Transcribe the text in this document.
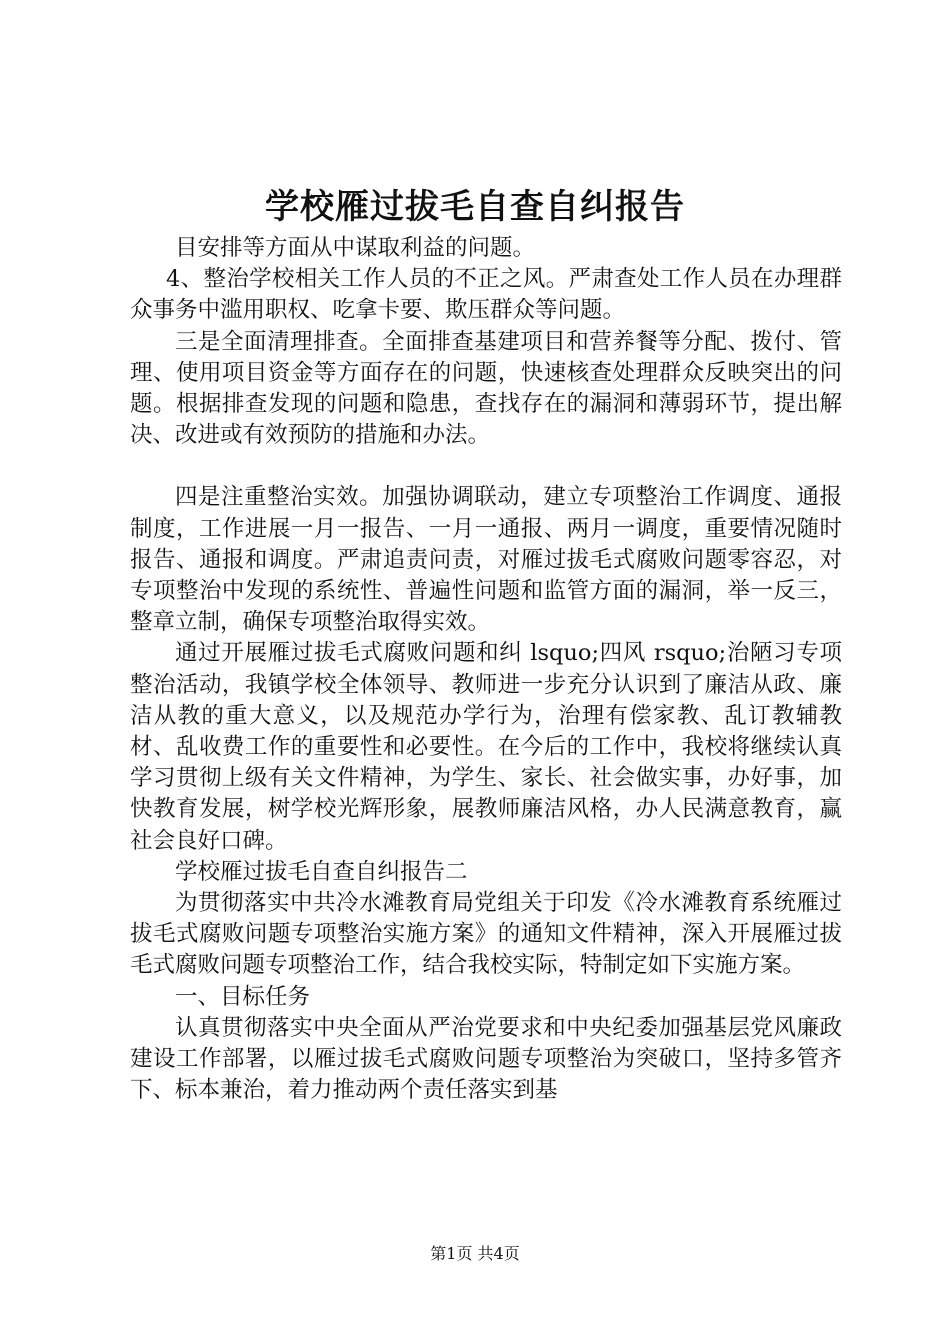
学校雁过拔毛自查自纠报告

目安排等方面从中谋取利益的问题。

4、整治学校相关工作人员的不正之风。严肃查处工作人员在办理群众事务中滥用职权、吃拿卡要、欺压群众等问题。

三是全面清理排查。全面排查基建项目和营养餐等分配、拨付、管理、使用项目资金等方面存在的问题，快速核查处理群众反映突出的问题。根据排查发现的问题和隐患，查找存在的漏洞和薄弱环节，提出解决、改进或有效预防的措施和办法。

四是注重整治实效。加强协调联动，建立专项整治工作调度、通报制度，工作进展一月一报告、一月一通报、两月一调度，重要情况随时报告、通报和调度。严肃追责问责，对雁过拔毛式腐败问题零容忍，对专项整治中发现的系统性、普遍性问题和监管方面的漏洞，举一反三，整章立制，确保专项整治取得实效。

通过开展雁过拔毛式腐败问题和纠 lsquo;四风 rsquo;治陋习专项整治活动，我镇学校全体领导、教师进一步充分认识到了廉洁从政、廉洁从教的重大意义，以及规范办学行为，治理有偿家教、乱订教辅教材、乱收费工作的重要性和必要性。在今后的工作中，我校将继续认真学习贯彻上级有关文件精神，为学生、家长、社会做实事，办好事，加快教育发展，树学校光辉形象，展教师廉洁风格，办人民满意教育，赢社会良好口碑。

学校雁过拔毛自查自纠报告二

为贯彻落实中共冷水滩教育局党组关于印发《冷水滩教育系统雁过拔毛式腐败问题专项整治实施方案》的通知文件精神，深入开展雁过拔毛式腐败问题专项整治工作，结合我校实际，特制定如下实施方案。

一、目标任务

认真贯彻落实中央全面从严治党要求和中央纪委加强基层党风廉政建设工作部署，以雁过拔毛式腐败问题专项整治为突破口，坚持多管齐下、标本兼治，着力推动两个责任落实到基

第1页 共4页
